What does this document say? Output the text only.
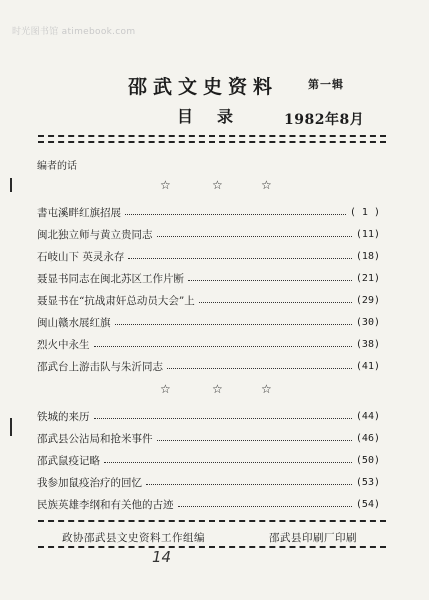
时光图书馆 atimebook.com
邵武文史资料	第一辑
目录 1982年8月
编者的话
☆	☆	☆
書屯溪畔红旗招展	( 1 )
闽北独立师与黄立贵同志	(11)
石岐山下 英灵永存	(18)
聂显书同志在闽北苏区工作片断	(21)
聂显书在“抗战肃奸总动员大会”上	(29)
闽山赣水展红旗	(30)
烈火中永生	(38)
邵武台上游击队与朱沂同志	(41)
☆	☆	☆
铁城的来历	(44)
邵武县公沾局和抢米事件	(46)
邵武鼠疫记略	(50)
我参加鼠疫治疗的回忆	(53)
民族英雄李纲和有关他的古迹	(54)
政协邵武县文史资料工作组编	邵武县印刷厂印刷
14
